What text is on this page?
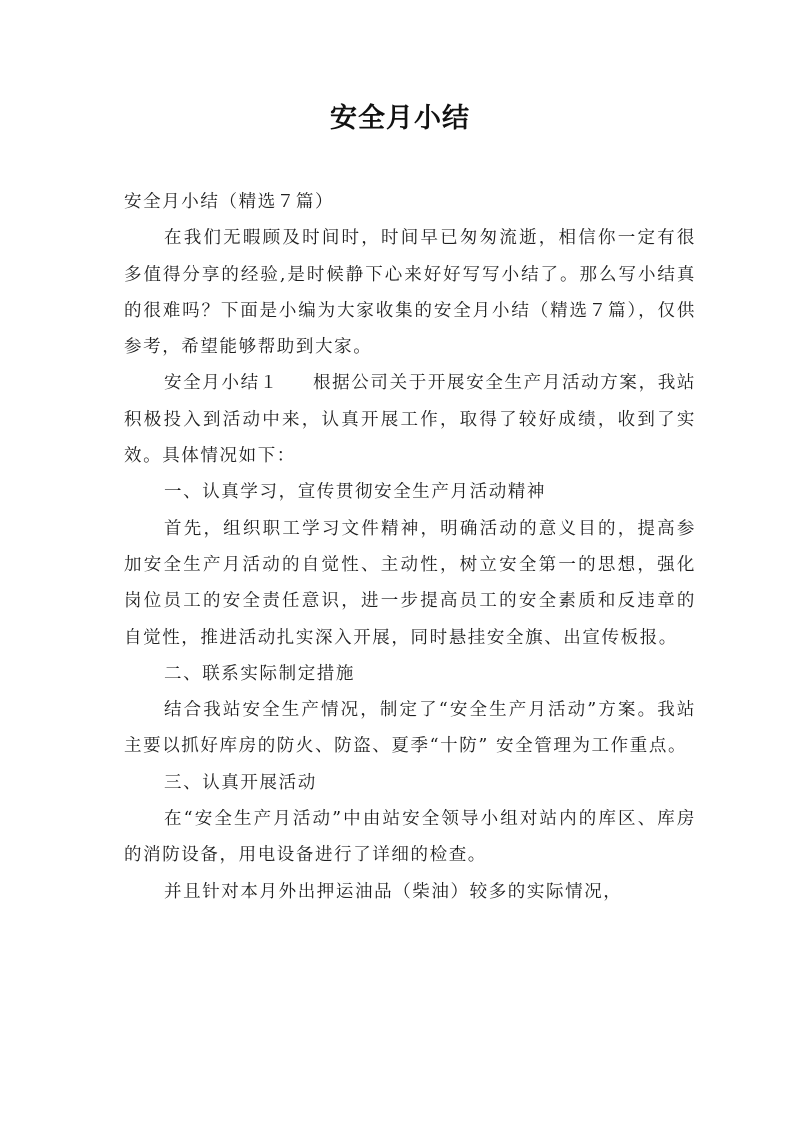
安全月小结

安全月小结（精选７篇）

在我们无暇顾及时间时，时间早已匆匆流逝，相信你一定有很多值得分享的经验,是时候静下心来好好写写小结了。那么写小结真的很难吗？下面是小编为大家收集的安全月小结（精选７篇），仅供参考，希望能够帮助到大家。

安全月小结１ 根据公司关于开展安全生产月活动方案，我站积极投入到活动中来，认真开展工作，取得了较好成绩，收到了实效。具体情况如下：

一、认真学习，宣传贯彻安全生产月活动精神

首先，组织职工学习文件精神，明确活动的意义目的，提高参加安全生产月活动的自觉性、主动性，树立安全第一的思想，强化岗位员工的安全责任意识，进一步提高员工的安全素质和反违章的自觉性，推进活动扎实深入开展，同时悬挂安全旗、出宣传板报。

二、联系实际制定措施

结合我站安全生产情况，制定了“安全生产月活动”方案。我站主要以抓好库房的防火、防盗、夏季“十防” 安全管理为工作重点。

三、认真开展活动

在“安全生产月活动”中由站安全领导小组对站内的库区、库房的消防设备，用电设备进行了详细的检查。

并且针对本月外出押运油品（柴油）较多的实际情况，
